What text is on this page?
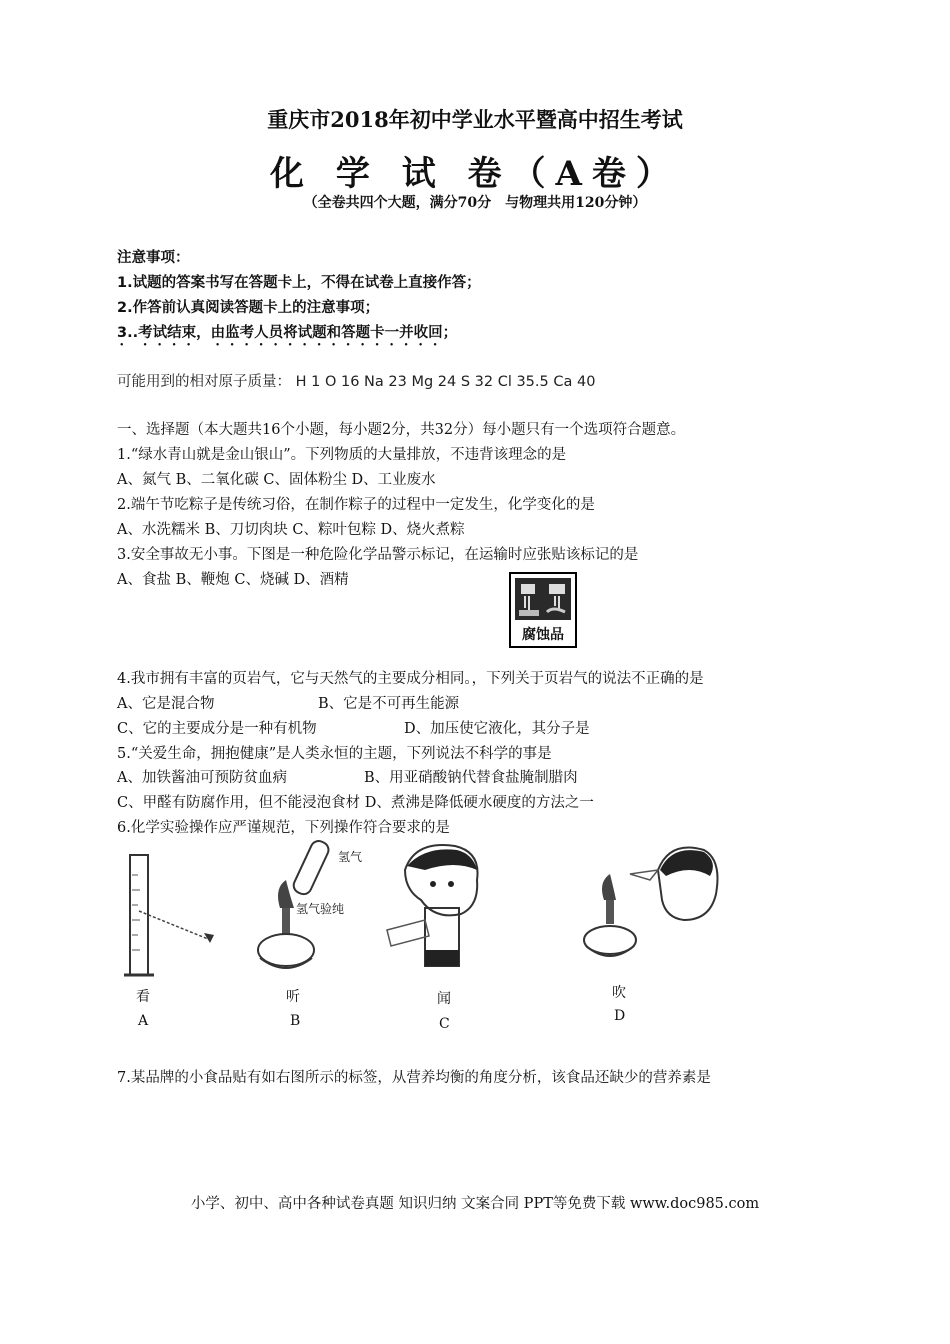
重庆市2018年初中学业水平暨高中招生考试
化 学 试 卷（A卷）
（全卷共四个大题，满分70分　与物理共用120分钟）
注意事项：
1.试题的答案书写在答题卡上，不得在试卷上直接作答；
2.作答前认真阅读答题卡上的注意事项；
3..考试结束，由监考人员将试题和答题卡一并收回；
可能用到的相对原子质量： H 1 O 16 Na 23 Mg 24 S 32 Cl 35.5 Ca 40
一、选择题（本大题共16个小题，每小题2分，共32分）每小题只有一个选项符合题意。
1.“绿水青山就是金山银山”。下列物质的大量排放，不违背该理念的是
A、氮气 B、二氧化碳 C、固体粉尘 D、工业废水
2.端午节吃粽子是传统习俗，在制作粽子的过程中一定发生，化学变化的是
A、水洗糯米 B、刀切肉块 C、粽叶包粽 D、烧火煮粽
3.安全事故无小事。下图是一种危险化学品警示标记，在运输时应张贴该标记的是
A、食盐 B、鞭炮 C、烧碱 D、酒精
腐蚀品
4.我市拥有丰富的页岩气，它与天然气的主要成分相同。，下列关于页岩气的说法不正确的是
A、它是混合物	B、它是不可再生能源
C、它的主要成分是一种有机物	D、加压使它液化，其分子是
5.“关爱生命，拥抱健康”是人类永恒的主题，下列说法不科学的事是
A、加铁酱油可预防贫血病	B、用亚硝酸钠代替食盐腌制腊肉
C、甲醛有防腐作用，但不能浸泡食材 D、煮沸是降低硬水硬度的方法之一
6.化学实验操作应严谨规范，下列操作符合要求的是
看
A
氢气
氢气验纯
听
B
闻
C
吹
D
7.某品牌的小食品贴有如右图所示的标签，从营养均衡的角度分析，该食品还缺少的营养素是
小学、初中、高中各种试卷真题 知识归纳 文案合同 PPT等免费下载 www.doc985.com
